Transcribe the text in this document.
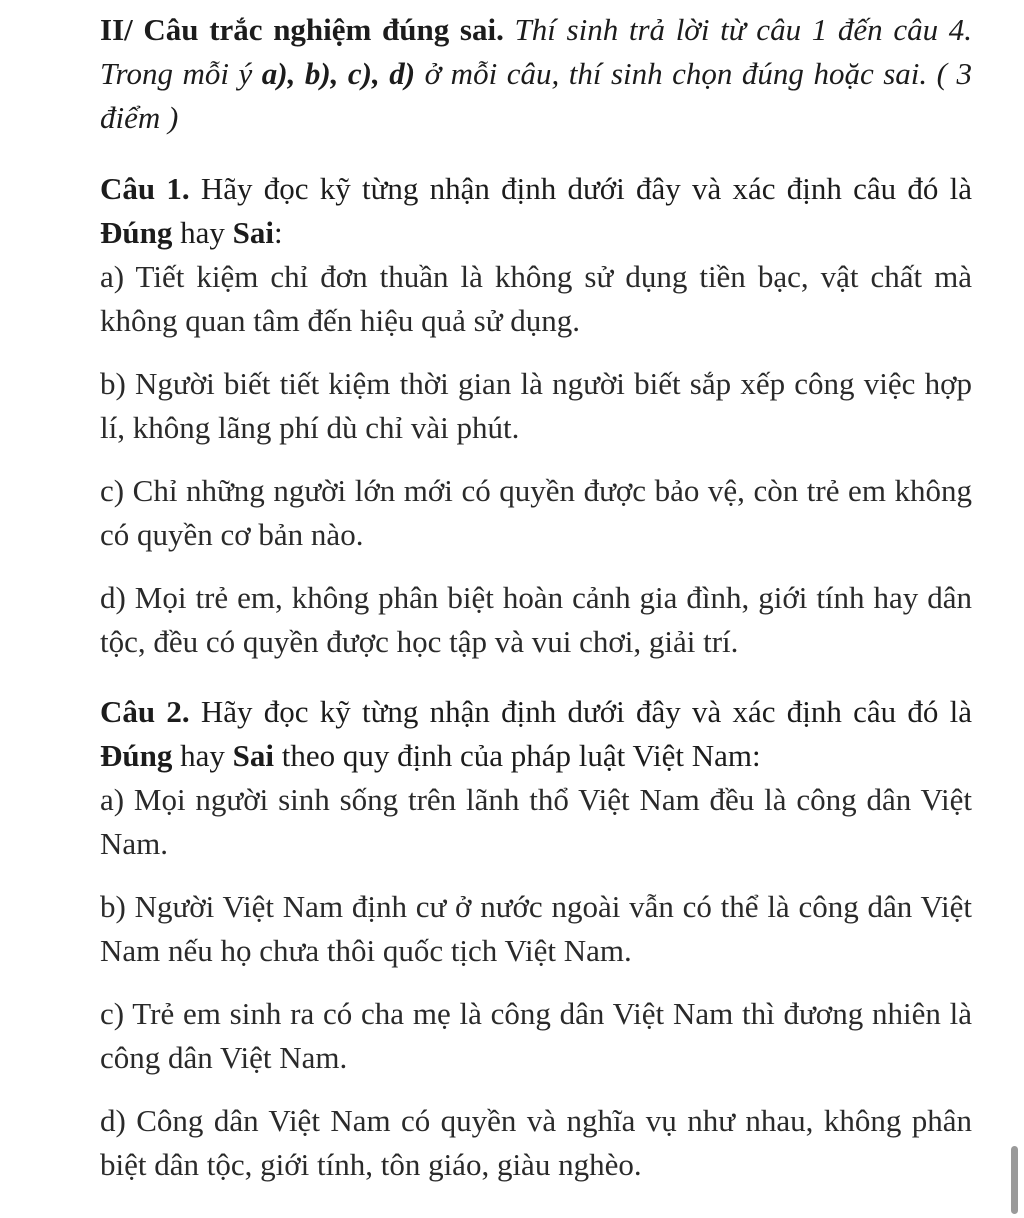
II/ Câu trắc nghiệm đúng sai. Thí sinh trả lời từ câu 1 đến câu 4. Trong mỗi ý a), b), c), d) ở mỗi câu, thí sinh chọn đúng hoặc sai. ( 3 điểm )

Câu 1. Hãy đọc kỹ từng nhận định dưới đây và xác định câu đó là Đúng hay Sai:

a) Tiết kiệm chỉ đơn thuần là không sử dụng tiền bạc, vật chất mà không quan tâm đến hiệu quả sử dụng.

b) Người biết tiết kiệm thời gian là người biết sắp xếp công việc hợp lí, không lãng phí dù chỉ vài phút.

c) Chỉ những người lớn mới có quyền được bảo vệ, còn trẻ em không có quyền cơ bản nào.

d) Mọi trẻ em, không phân biệt hoàn cảnh gia đình, giới tính hay dân tộc, đều có quyền được học tập và vui chơi, giải trí.

Câu 2. Hãy đọc kỹ từng nhận định dưới đây và xác định câu đó là Đúng hay Sai theo quy định của pháp luật Việt Nam:

a) Mọi người sinh sống trên lãnh thổ Việt Nam đều là công dân Việt Nam.

b) Người Việt Nam định cư ở nước ngoài vẫn có thể là công dân Việt Nam nếu họ chưa thôi quốc tịch Việt Nam.

c) Trẻ em sinh ra có cha mẹ là công dân Việt Nam thì đương nhiên là công dân Việt Nam.

d) Công dân Việt Nam có quyền và nghĩa vụ như nhau, không phân biệt dân tộc, giới tính, tôn giáo, giàu nghèo.
